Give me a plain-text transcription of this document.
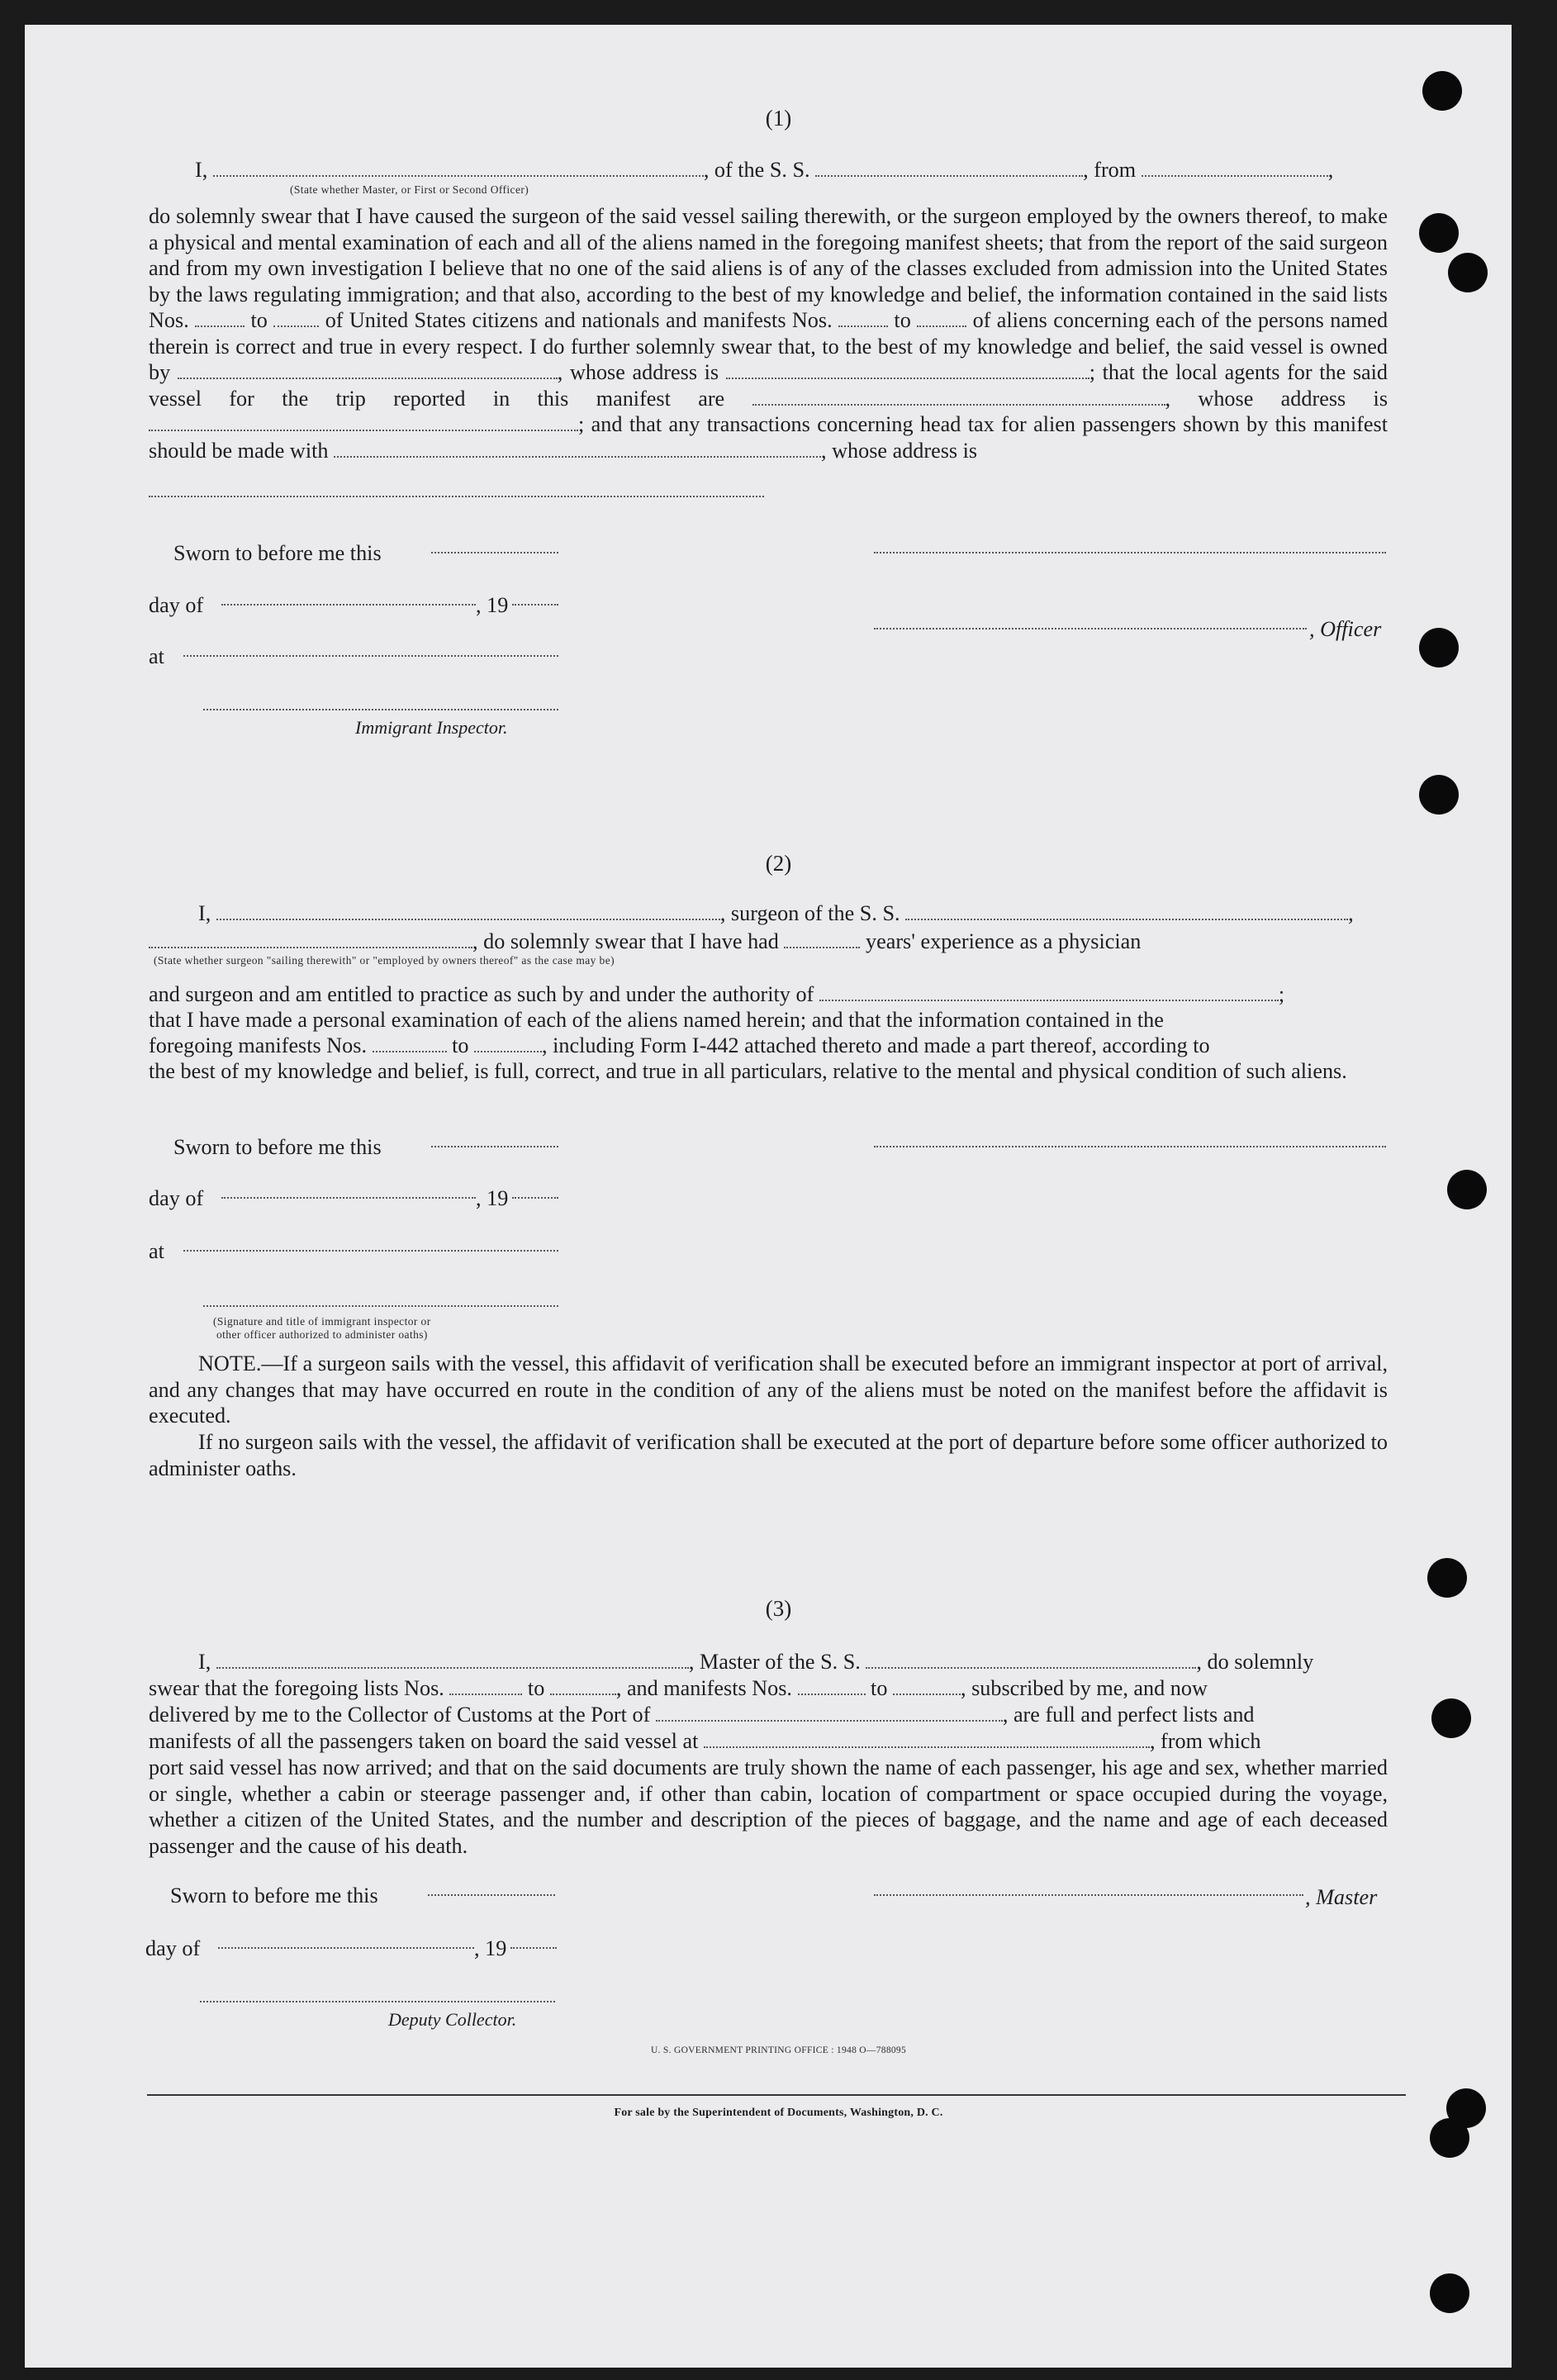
(1)
I,	, of the S. S.	, from	,
(State whether Master, or First or Second Officer)
do solemnly swear that I have caused the surgeon of the said vessel sailing therewith, or the surgeon employed by the owners thereof, to make a physical and mental examination of each and all of the aliens named in the foregoing manifest sheets; that from the report of the said surgeon and from my own investigation I believe that no one of the said aliens is of any of the classes excluded from admission into the United States by the laws regulating immigration; and that also, according to the best of my knowledge and belief, the information contained in the said lists Nos.	to	of United States citizens and nationals and manifests Nos.	to	of aliens concerning each of the persons named therein is correct and true in every respect. I do further solemnly swear that, to the best of my knowledge and belief, the said vessel is owned by	, whose address is	; that the local agents for the said vessel for the trip reported in this manifest are	, whose address is ; and that any transactions concerning head tax for alien passengers shown by this manifest should be made with	, whose address is
Sworn to before me this
day of	, 19
, Officer
at
Immigrant Inspector.
(2)
I,	, surgeon of the S. S.	,
, do solemnly swear that I have had	years' experience as a physician
(State whether surgeon "sailing therewith" or "employed by owners thereof" as the case may be)
and surgeon and am entitled to practice as such by and under the authority of	;
that I have made a personal examination of each of the aliens named herein; and that the information contained in the
foregoing manifests Nos.	to	, including Form I-442 attached thereto and made a part thereof, according to
the best of my knowledge and belief, is full, correct, and true in all particulars, relative to the mental and physical condition of such aliens.
Sworn to before me this
day of	, 19
at
(Signature and title of immigrant inspector or
other officer authorized to administer oaths)
NOTE.—If a surgeon sails with the vessel, this affidavit of verification shall be executed before an immigrant inspector at port of arrival, and any changes that may have occurred en route in the condition of any of the aliens must be noted on the manifest before the affidavit is executed.
If no surgeon sails with the vessel, the affidavit of verification shall be executed at the port of departure before some officer authorized to administer oaths.
(3)
I,	, Master of the S. S.	, do solemnly
swear that the foregoing lists Nos.	to	, and manifests Nos.	to	, subscribed by me, and now
delivered by me to the Collector of Customs at the Port of	, are full and perfect lists and
manifests of all the passengers taken on board the said vessel at	, from which
port said vessel has now arrived; and that on the said documents are truly shown the name of each passenger, his age and sex, whether married or single, whether a cabin or steerage passenger and, if other than cabin, location of compartment or space occupied during the voyage, whether a citizen of the United States, and the number and description of the pieces of baggage, and the name and age of each deceased passenger and the cause of his death.
Sworn to before me this	, Master
day of	, 19
Deputy Collector.
U. S. GOVERNMENT PRINTING OFFICE : 1948 O—788095
For sale by the Superintendent of Documents, Washington, D. C.
